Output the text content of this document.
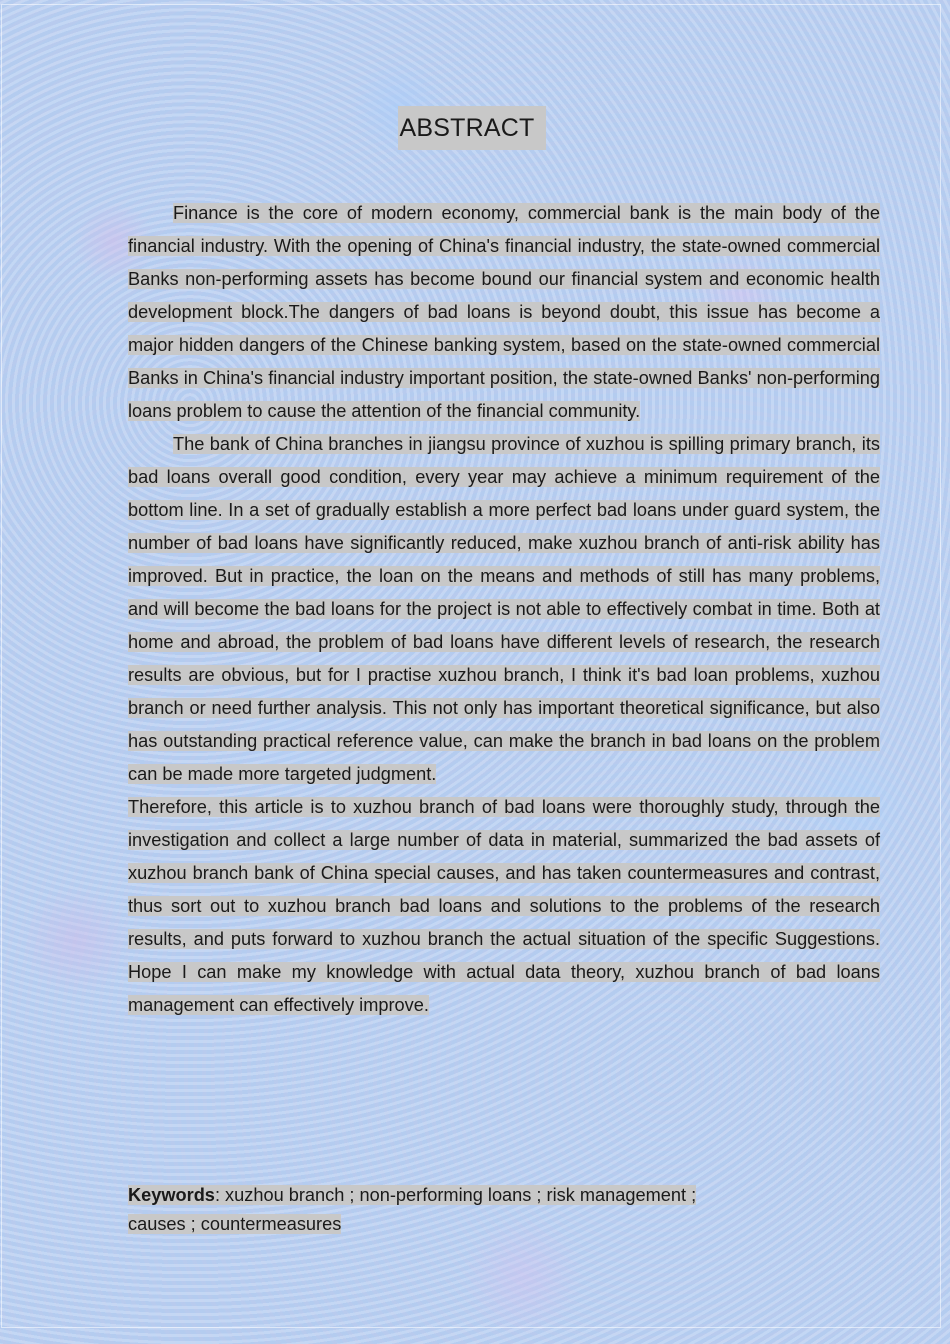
ABSTRACT

Finance is the core of modern economy, commercial bank is the main body of the financial industry. With the opening of China's financial industry, the state-owned commercial Banks non-performing assets has become bound our financial system and economic health development block.The dangers of bad loans is beyond doubt, this issue has become a major hidden dangers of the Chinese banking system, based on the state-owned commercial Banks in China's financial industry important position, the state-owned Banks' non-performing loans problem to cause the attention of the financial community.

The bank of China branches in jiangsu province of xuzhou is spilling primary branch, its bad loans overall good condition, every year may achieve a minimum requirement of the bottom line. In a set of gradually establish a more perfect bad loans under guard system, the number of bad loans have significantly reduced, make xuzhou branch of anti-risk ability has improved. But in practice, the loan on the means and methods of still has many problems, and will become the bad loans for the project is not able to effectively combat in time. Both at home and abroad, the problem of bad loans have different levels of research, the research results are obvious, but for I practise xuzhou branch, I think it's bad loan problems, xuzhou branch or need further analysis. This not only has important theoretical significance, but also has outstanding practical reference value, can make the branch in bad loans on the problem can be made more targeted judgment.

Therefore, this article is to xuzhou branch of bad loans were thoroughly study, through the investigation and collect a large number of data in material, summarized the bad assets of xuzhou branch bank of China special causes, and has taken countermeasures and contrast, thus sort out to xuzhou branch bad loans and solutions to the problems of the research results, and puts forward to xuzhou branch the actual situation of the specific Suggestions. Hope I can make my knowledge with actual data theory, xuzhou branch of bad loans management can effectively improve.

Keywords: xuzhou branch ; non-performing loans ; risk management ;
causes ; countermeasures
